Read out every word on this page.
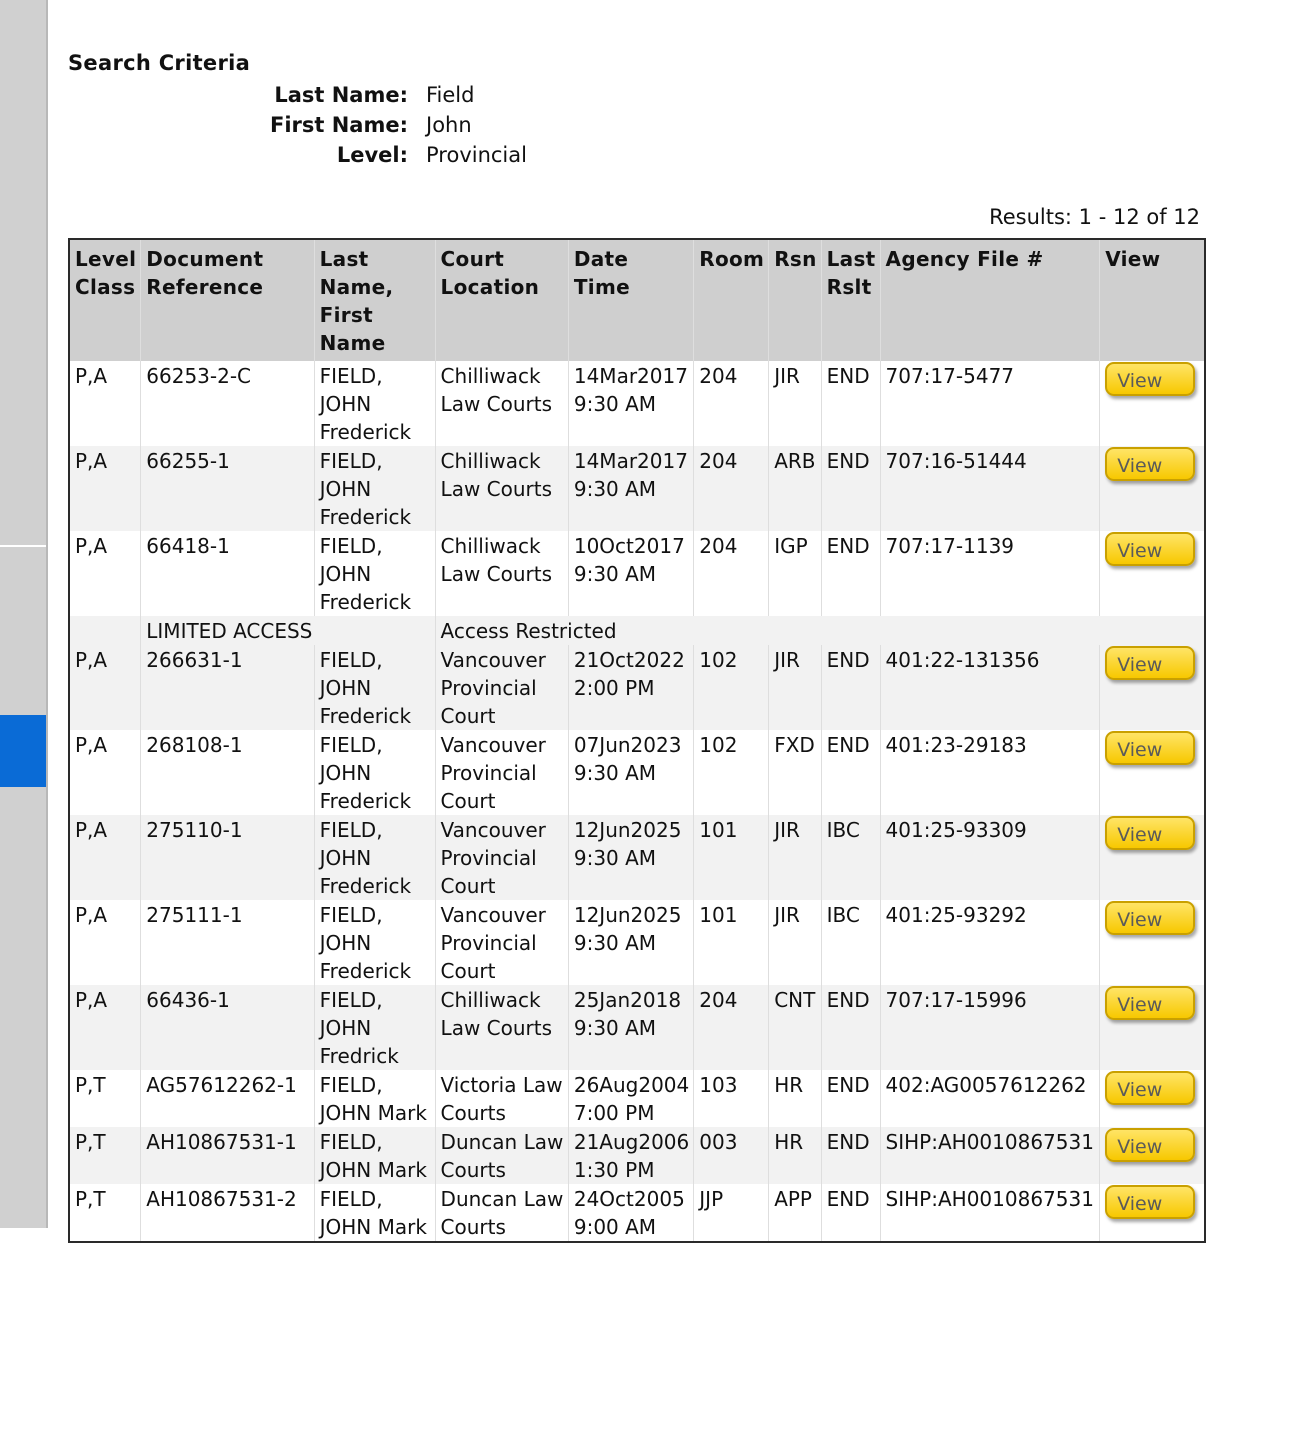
Search Criteria
Last Name: Field
First Name: John
Level: Provincial
Results: 1 - 12 of 12
Level
Class	Document
Reference	Last
Name,
First
Name	Court
Location	Date Time	Room	Rsn	Last
Rslt	Agency File #	View
P,A	66253-2-C	FIELD,
JOHN
Frederick	Chilliwack
Law Courts	14Mar2017
9:30 AM	204	JIR	END	707:17-5477	View
P,A	66255-1	FIELD,
JOHN
Frederick	Chilliwack
Law Courts	14Mar2017
9:30 AM	204	ARB	END	707:16-51444	View
P,A	66418-1	FIELD,
JOHN
Frederick	Chilliwack
Law Courts	10Oct2017
9:30 AM	204	IGP	END	707:17-1139	View
	LIMITED ACCESS		Access Restricted						
P,A	266631-1	FIELD,
JOHN
Frederick	Vancouver
Provincial
Court	21Oct2022
2:00 PM	102	JIR	END	401:22-131356	View
P,A	268108-1	FIELD,
JOHN
Frederick	Vancouver
Provincial
Court	07Jun2023
9:30 AM	102	FXD	END	401:23-29183	View
P,A	275110-1	FIELD,
JOHN
Frederick	Vancouver
Provincial
Court	12Jun2025
9:30 AM	101	JIR	IBC	401:25-93309	View
P,A	275111-1	FIELD,
JOHN
Frederick	Vancouver
Provincial
Court	12Jun2025
9:30 AM	101	JIR	IBC	401:25-93292	View
P,A	66436-1	FIELD,
JOHN
Fredrick	Chilliwack
Law Courts	25Jan2018
9:30 AM	204	CNT	END	707:17-15996	View
P,T	AG57612262-1	FIELD,
JOHN Mark	Victoria Law
Courts	26Aug2004
7:00 PM	103	HR	END	402:AG0057612262	View
P,T	AH10867531-1	FIELD,
JOHN Mark	Duncan Law
Courts	21Aug2006
1:30 PM	003	HR	END	SIHP:AH0010867531	View
P,T	AH10867531-2	FIELD,
JOHN Mark	Duncan Law
Courts	24Oct2005
9:00 AM	JJP	APP	END	SIHP:AH0010867531	View
